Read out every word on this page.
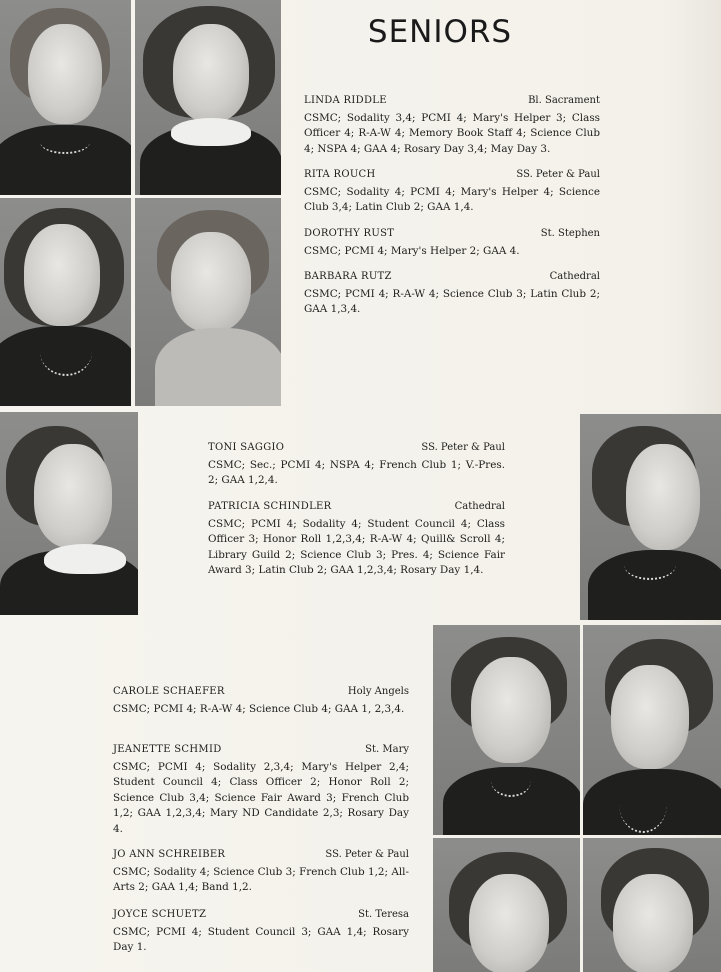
SENIORS
LINDA RIDDLE	Bl. Sacrament
CSMC; Sodality 3,4; PCMI 4; Mary's Helper 3; Class Officer 4; R-A-W 4; Memory Book Staff 4; Science Club 4; NSPA 4; GAA 4; Rosary Day 3,4; May Day 3.
RITA ROUCH	SS. Peter & Paul
CSMC; Sodality 4; PCMI 4; Mary's Helper 4; Science Club 3,4; Latin Club 2; GAA 1,4.
DOROTHY RUST	St. Stephen
CSMC; PCMI 4; Mary's Helper 2; GAA 4.
BARBARA RUTZ	Cathedral
CSMC; PCMI 4; R-A-W 4; Science Club 3; Latin Club 2; GAA 1,3,4.
TONI SAGGIO	SS. Peter & Paul
CSMC; Sec.; PCMI 4; NSPA 4; French Club 1; V.-Pres. 2; GAA 1,2,4.
PATRICIA SCHINDLER	Cathedral
CSMC; PCMI 4; Sodality 4; Student Council 4; Class Officer 3; Honor Roll 1,2,3,4; R-A-W 4; Quill& Scroll 4; Library Guild 2; Science Club 3; Pres. 4; Science Fair Award 3; Latin Club 2; GAA 1,2,3,4; Rosary Day 1,4.
CAROLE SCHAEFER	Holy Angels
CSMC; PCMI 4; R-A-W 4; Science Club 4; GAA 1, 2,3,4.
JEANETTE SCHMID	St. Mary
CSMC; PCMI 4; Sodality 2,3,4; Mary's Helper 2,4; Student Council 4; Class Officer 2; Honor Roll 2; Science Club 3,4; Science Fair Award 3; French Club 1,2; GAA 1,2,3,4; Mary ND Candidate 2,3; Rosary Day 4.
JO ANN SCHREIBER	SS. Peter & Paul
CSMC; Sodality 4; Science Club 3; French Club 1,2; All-Arts 2; GAA 1,4; Band 1,2.
JOYCE SCHUETZ	St. Teresa
CSMC; PCMI 4; Student Council 3; GAA 1,4; Rosary Day 1.
